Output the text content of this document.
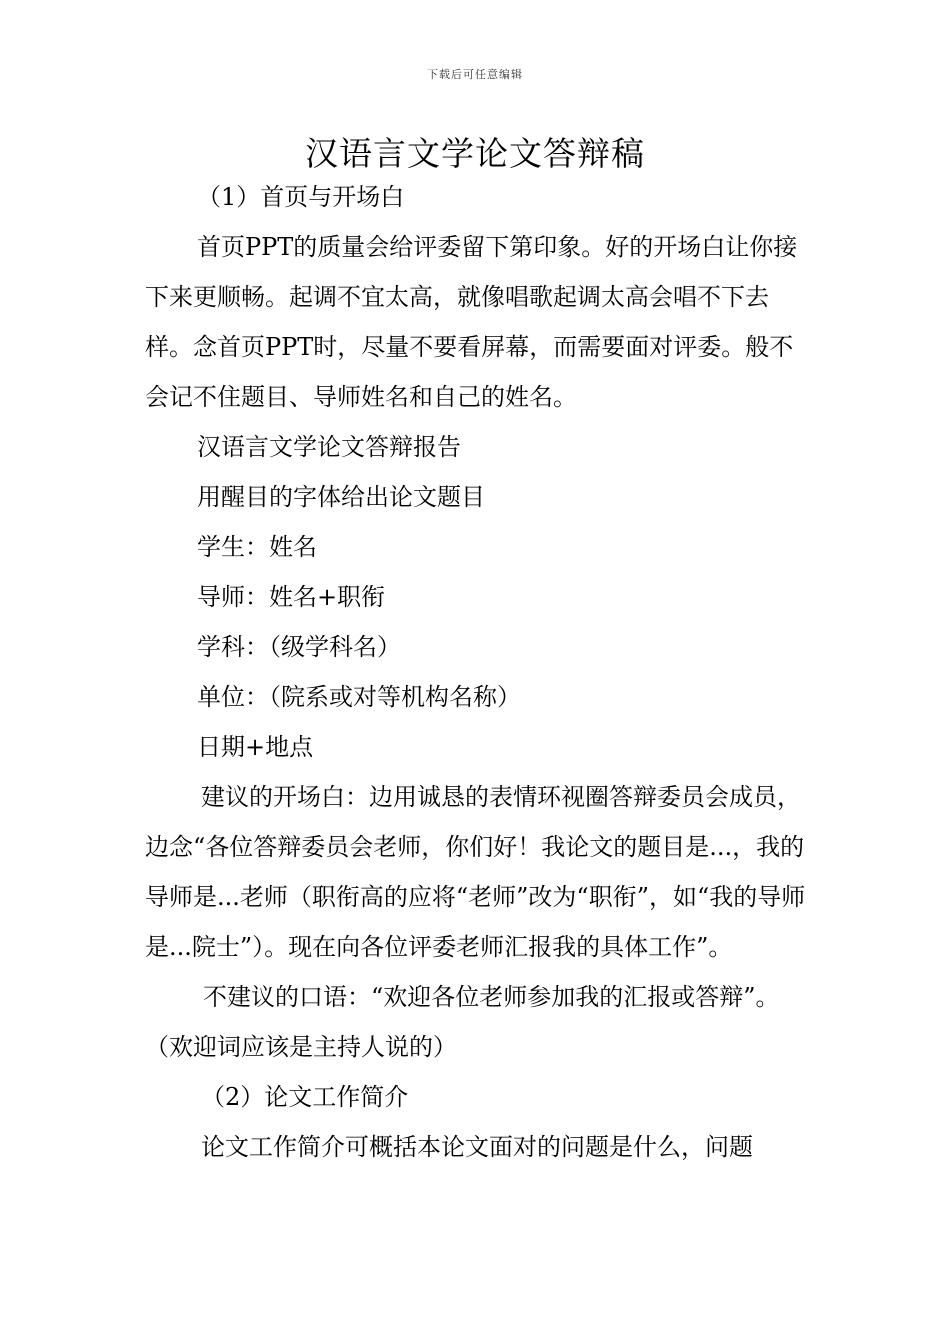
下载后可任意编辑
汉语言文学论文答辩稿

（1）首页与开场白

首页PPT的质量会给评委留下第印象。好的开场白让你接下来更顺畅。起调不宜太高，就像唱歌起调太高会唱不下去样。念首页PPT时，尽量不要看屏幕，而需要面对评委。般不会记不住题目、导师姓名和自己的姓名。

汉语言文学论文答辩报告

用醒目的字体给出论文题目

学生：姓名

导师：姓名+职衔

学科：（级学科名）

单位：（院系或对等机构名称）

日期+地点

建议的开场白：边用诚恳的表情环视圈答辩委员会成员，边念“各位答辩委员会老师，你们好！我论文的题目是...，我的导师是...老师（职衔高的应将“老师”改为“职衔”，如“我的导师是...院士”）。现在向各位评委老师汇报我的具体工作”。

不建议的口语：“欢迎各位老师参加我的汇报或答辩”。（欢迎词应该是主持人说的）

（2）论文工作简介

论文工作简介可概括本论文面对的问题是什么，问题
